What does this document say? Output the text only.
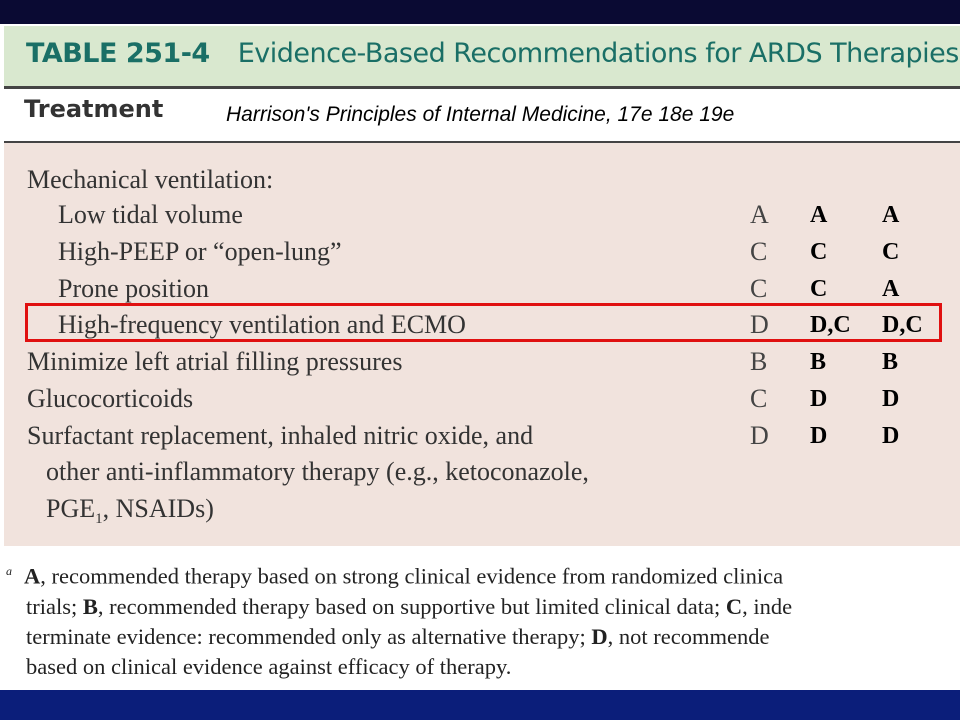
TABLE 251-4 Evidence-Based Recommendations for ARDS Therapies
Treatment	Harrison's Principles of Internal Medicine, 17e 18e 19e
Mechanical ventilation:
Low tidal volume	A A A
High-PEEP or “open-lung”	C C C
Prone position	C C A
High-frequency ventilation and ECMO	D D,C D,C
Minimize left atrial filling pressures	B B B
Glucocorticoids	C D D
Surfactant replacement, inhaled nitric oxide, and	D D D
other anti-inflammatory therapy (e.g., ketoconazole,
$PGE_1$, NSAIDs)
$^a$ A, recommended therapy based on strong clinical evidence from randomized clinica
trials; B, recommended therapy based on supportive but limited clinical data; C, inde
terminate evidence: recommended only as alternative therapy; D, not recommende
based on clinical evidence against efficacy of therapy.
